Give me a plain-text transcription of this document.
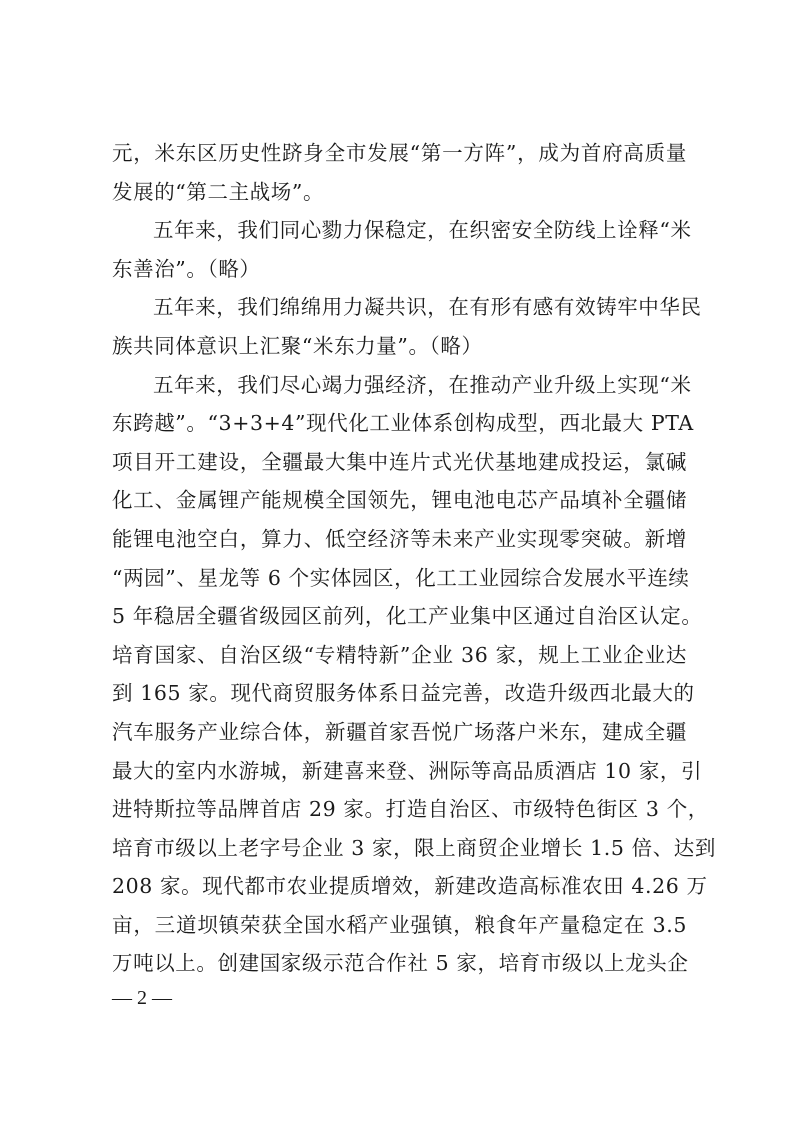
元，米东区历史性跻身全市发展“第一方阵”，成为首府高质量
发展的“第二主战场”。
五年来，我们同心勠力保稳定，在织密安全防线上诠释“米
东善治”。（略）
五年来，我们绵绵用力凝共识，在有形有感有效铸牢中华民
族共同体意识上汇聚“米东力量”。（略）
五年来，我们尽心竭力强经济，在推动产业升级上实现“米
东跨越”。“3+3+4”现代化工业体系创构成型，西北最大 PTA
项目开工建设，全疆最大集中连片式光伏基地建成投运，氯碱
化工、金属锂产能规模全国领先，锂电池电芯产品填补全疆储
能锂电池空白，算力、低空经济等未来产业实现零突破。新增
“两园”、星龙等 6 个实体园区，化工工业园综合发展水平连续
5 年稳居全疆省级园区前列，化工产业集中区通过自治区认定。
培育国家、自治区级“专精特新”企业 36 家，规上工业企业达
到 165 家。现代商贸服务体系日益完善，改造升级西北最大的
汽车服务产业综合体，新疆首家吾悦广场落户米东，建成全疆
最大的室内水游城，新建喜来登、洲际等高品质酒店 10 家，引
进特斯拉等品牌首店 29 家。打造自治区、市级特色街区 3 个，
培育市级以上老字号企业 3 家，限上商贸企业增长 1.5 倍、达到
208 家。现代都市农业提质增效，新建改造高标准农田 4.26 万
亩，三道坝镇荣获全国水稻产业强镇，粮食年产量稳定在 3.5
万吨以上。创建国家级示范合作社 5 家，培育市级以上龙头企
— 2 —
